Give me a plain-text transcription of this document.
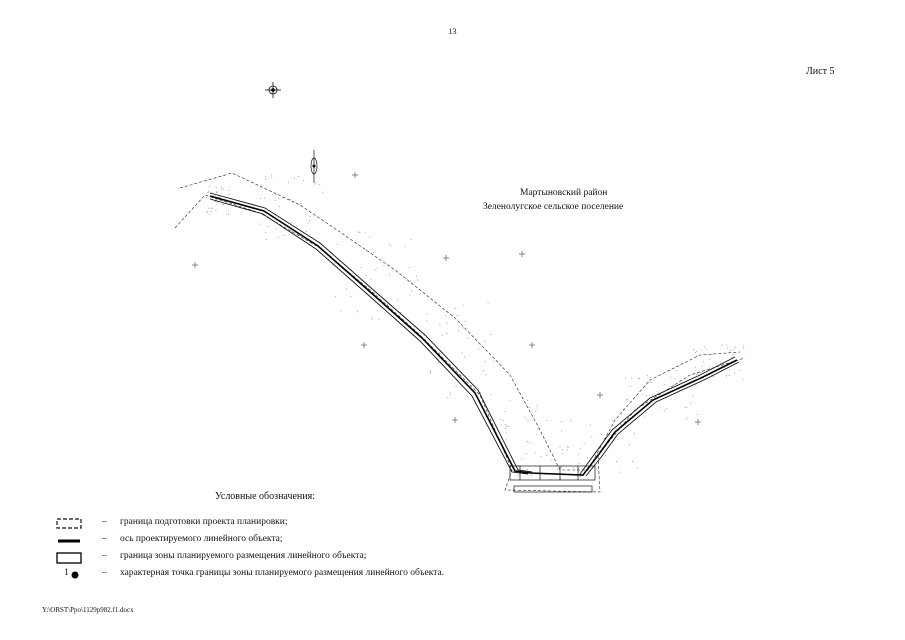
13
Лист 5
Мартыновский район
Зеленолугское сельское поселение
Условные обозначения:
– граница подготовки проекта планировки;
– ось проектируемого линейного объекта;
– граница зоны планируемого размещения линейного объекта;
1	– характерная точка границы зоны планируемого размещения линейного объекта.
Y:\ORST\Ppo\1129p982.f1.docx
